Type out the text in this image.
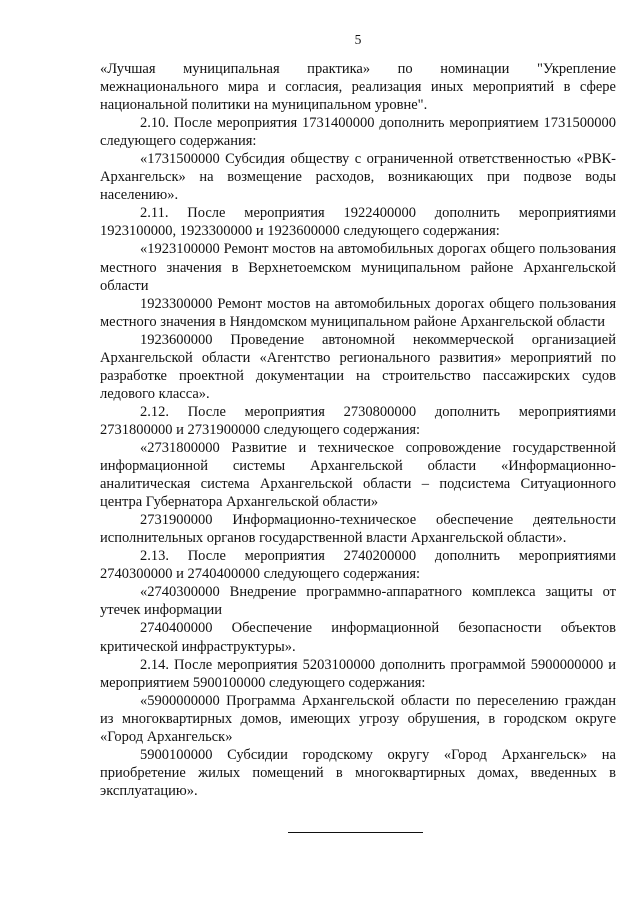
5

«Лучшая муниципальная практика» по номинации "Укрепление межнационального мира и согласия, реализация иных мероприятий в сфере национальной политики на муниципальном уровне".

2.10. После мероприятия 1731400000 дополнить мероприятием 1731500000 следующего содержания:

«1731500000 Субсидия обществу с ограниченной ответственностью «РВК-Архангельск» на возмещение расходов, возникающих при подвозе воды населению».

2.11. После мероприятия 1922400000 дополнить мероприятиями 1923100000, 1923300000 и 1923600000 следующего содержания:

«1923100000 Ремонт мостов на автомобильных дорогах общего пользования местного значения в Верхнетоемском муниципальном районе Архангельской области

1923300000 Ремонт мостов на автомобильных дорогах общего пользования местного значения в Няндомском муниципальном районе Архангельской области

1923600000 Проведение автономной некоммерческой организацией Архангельской области «Агентство регионального развития» мероприятий по разработке проектной документации на строительство пассажирских судов ледового класса».

2.12. После мероприятия 2730800000 дополнить мероприятиями 2731800000 и 2731900000 следующего содержания:

«2731800000 Развитие и техническое сопровождение государственной информационной системы Архангельской области «Информационно-аналитическая система Архангельской области – подсистема Ситуационного центра Губернатора Архангельской области»

2731900000 Информационно-техническое обеспечение деятельности исполнительных органов государственной власти Архангельской области».

2.13. После мероприятия 2740200000 дополнить мероприятиями 2740300000 и 2740400000 следующего содержания:

«2740300000 Внедрение программно-аппаратного комплекса защиты от утечек информации

2740400000 Обеспечение информационной безопасности объектов критической инфраструктуры».

2.14. После мероприятия 5203100000 дополнить программой 5900000000 и мероприятием 5900100000 следующего содержания:

«5900000000 Программа Архангельской области по переселению граждан из многоквартирных домов, имеющих угрозу обрушения, в городском округе «Город Архангельск»

5900100000 Субсидии городскому округу «Город Архангельск» на приобретение жилых помещений в многоквартирных домах, введенных в эксплуатацию».
